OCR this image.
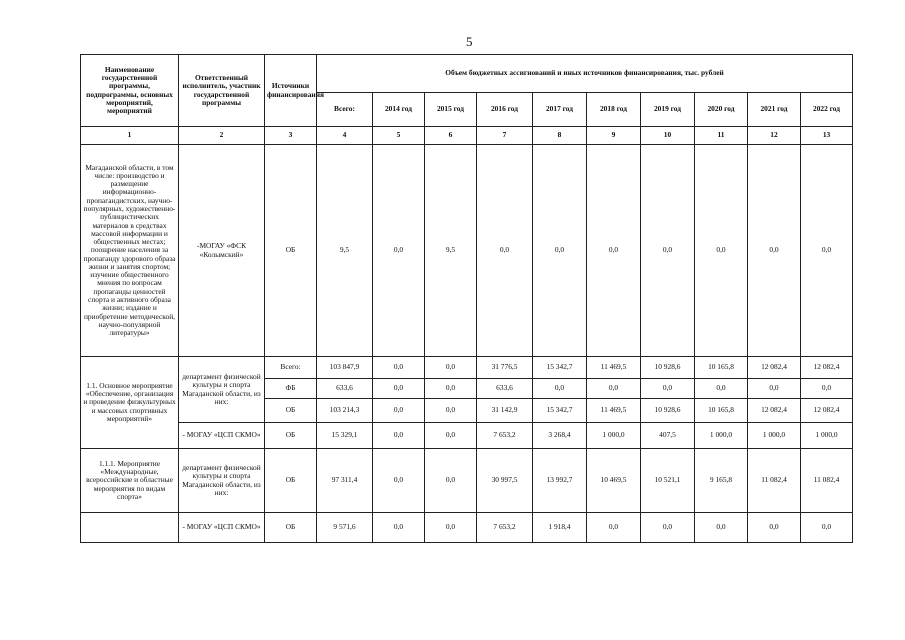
5
Наименование государственной программы, подпрограммы, основных мероприятий, мероприятий	Ответственный исполнитель, участник государственной программы	Источники финансирования	Объем бюджетных ассигнований и иных источников финансирования, тыс. рублей									
			Всего:	2014 год	2015 год	2016 год	2017 год	2018 год	2019 год	2020 год	2021 год	2022 год
1	2	3	4	5	6	7	8	9	10	11	12	13
Магаданской области, в том числе: производство и размещение информационно-пропагандистских, научно-популярных, художественно-публицистических материалов в средствах массовой информации и общественных местах; поощрение населения за пропаганду здорового образа жизни и занятия спортом; изучение общественного мнения по вопросам пропаганды ценностей спорта и активного образа жизни; издание и приобретение методической, научно-популярной литературы»	-МОГАУ «ФСК «Колымский»	ОБ	9,5	0,0	9,5	0,0	0,0	0,0	0,0	0,0	0,0	0,0
1.1. Основное мероприятие «Обеспечение, организация и проведение физкультурных и массовых спортивных мероприятий»	департамент физической культуры и спорта Магаданской области, из них:	Всего:	103 847,9	0,0	0,0	31 776,5	15 342,7	11 469,5	10 928,6	10 165,8	12 082,4	12 082,4
		ФБ	633,6	0,0	0,0	633,6	0,0	0,0	0,0	0,0	0,0	0,0
		ОБ	103 214,3	0,0	0,0	31 142,9	15 342,7	11 469,5	10 928,6	10 165,8	12 082,4	12 082,4
	- МОГАУ «ЦСП СКМО»	ОБ	15 329,1	0,0	0,0	7 653,2	3 268,4	1 000,0	407,5	1 000,0	1 000,0	1 000,0
1.1.1. Мероприятие «Международные, всероссийские и областные мероприятия по видам спорта»	департамент физической культуры и спорта Магаданской области, из них:	ОБ	97 311,4	0,0	0,0	30 997,5	13 992,7	10 469,5	10 521,1	9 165,8	11 082,4	11 082,4
	- МОГАУ «ЦСП СКМО»	ОБ	9 571,6	0,0	0,0	7 653,2	1 918,4	0,0	0,0	0,0	0,0	0,0
